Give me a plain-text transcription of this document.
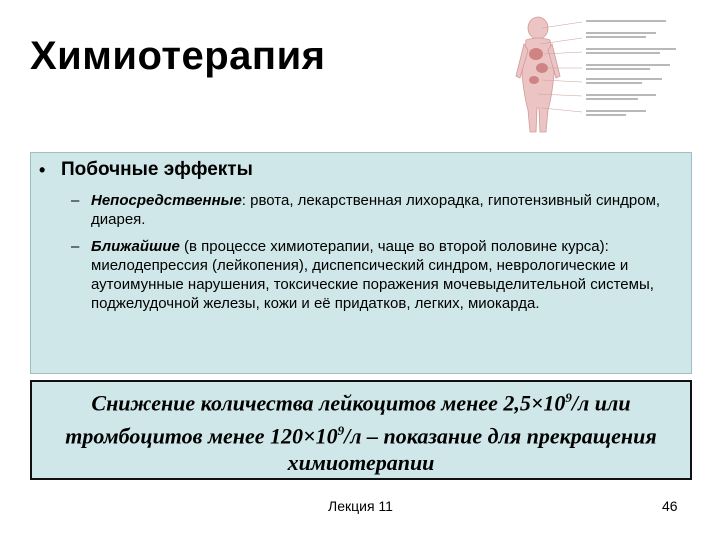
Химиотерапия
• Побочные эффекты
– Непосредственные: рвота, лекарственная лихорадка, гипотензивный синдром, диарея.
– Ближайшие (в процессе химиотерапии, чаще во второй половине курса): миелодепрессия (лейкопения), диспепсический синдром, неврологические и аутоимунные нарушения, токсические поражения мочевыделительной системы, поджелудочной железы, кожи и её придатков, легких, миокарда.
Снижение количества лейкоцитов менее $2,5\times 10^9/л$ или тромбоцитов менее $120\times 10^9/л$ – показание для прекращения химиотерапии
Лекция 11	46
